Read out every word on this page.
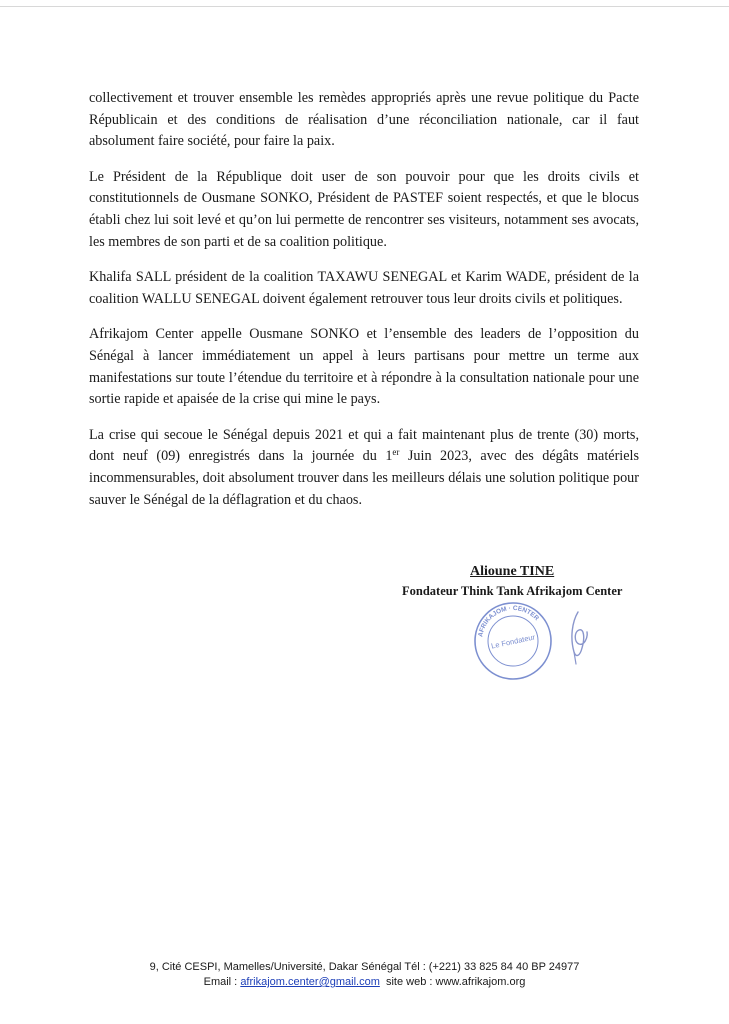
collectivement et trouver ensemble les remèdes appropriés après une revue politique du Pacte Républicain et des conditions de réalisation d’une réconciliation nationale, car il faut absolument faire société, pour faire la paix.

Le Président de la République doit user de son pouvoir pour que les droits civils et constitutionnels de Ousmane SONKO, Président de PASTEF soient respectés, et que le blocus établi chez lui soit levé et qu’on lui permette de rencontrer ses visiteurs, notamment ses avocats, les membres de son parti et de sa coalition politique.

Khalifa SALL président de la coalition TAXAWU SENEGAL et Karim WADE, président de la coalition WALLU SENEGAL doivent également retrouver tous leur droits civils et politiques.

Afrikajom Center appelle Ousmane SONKO et l’ensemble des leaders de l’opposition du Sénégal à lancer immédiatement un appel à leurs partisans pour mettre un terme aux manifestations sur toute l’étendue du territoire et à répondre à la consultation nationale pour une sortie rapide et apaisée de la crise qui mine le pays.

La crise qui secoue le Sénégal depuis 2021 et qui a fait maintenant plus de trente (30) morts, dont neuf (09) enregistrés dans la journée du 1er Juin 2023, avec des dégâts matériels incommensurables, doit absolument trouver dans les meilleurs délais une solution politique pour sauver le Sénégal de la déflagration et du chaos.

Alioune TINE
Fondateur Think Tank Afrikajom Center
AFRIKAJOM · CENTER
Le Fondateur
9, Cité CESPI, Mamelles/Université, Dakar Sénégal Tél : (+221) 33 825 84 40 BP 24977
Email : afrikajom.center@gmail.com  site web : www.afrikajom.org
